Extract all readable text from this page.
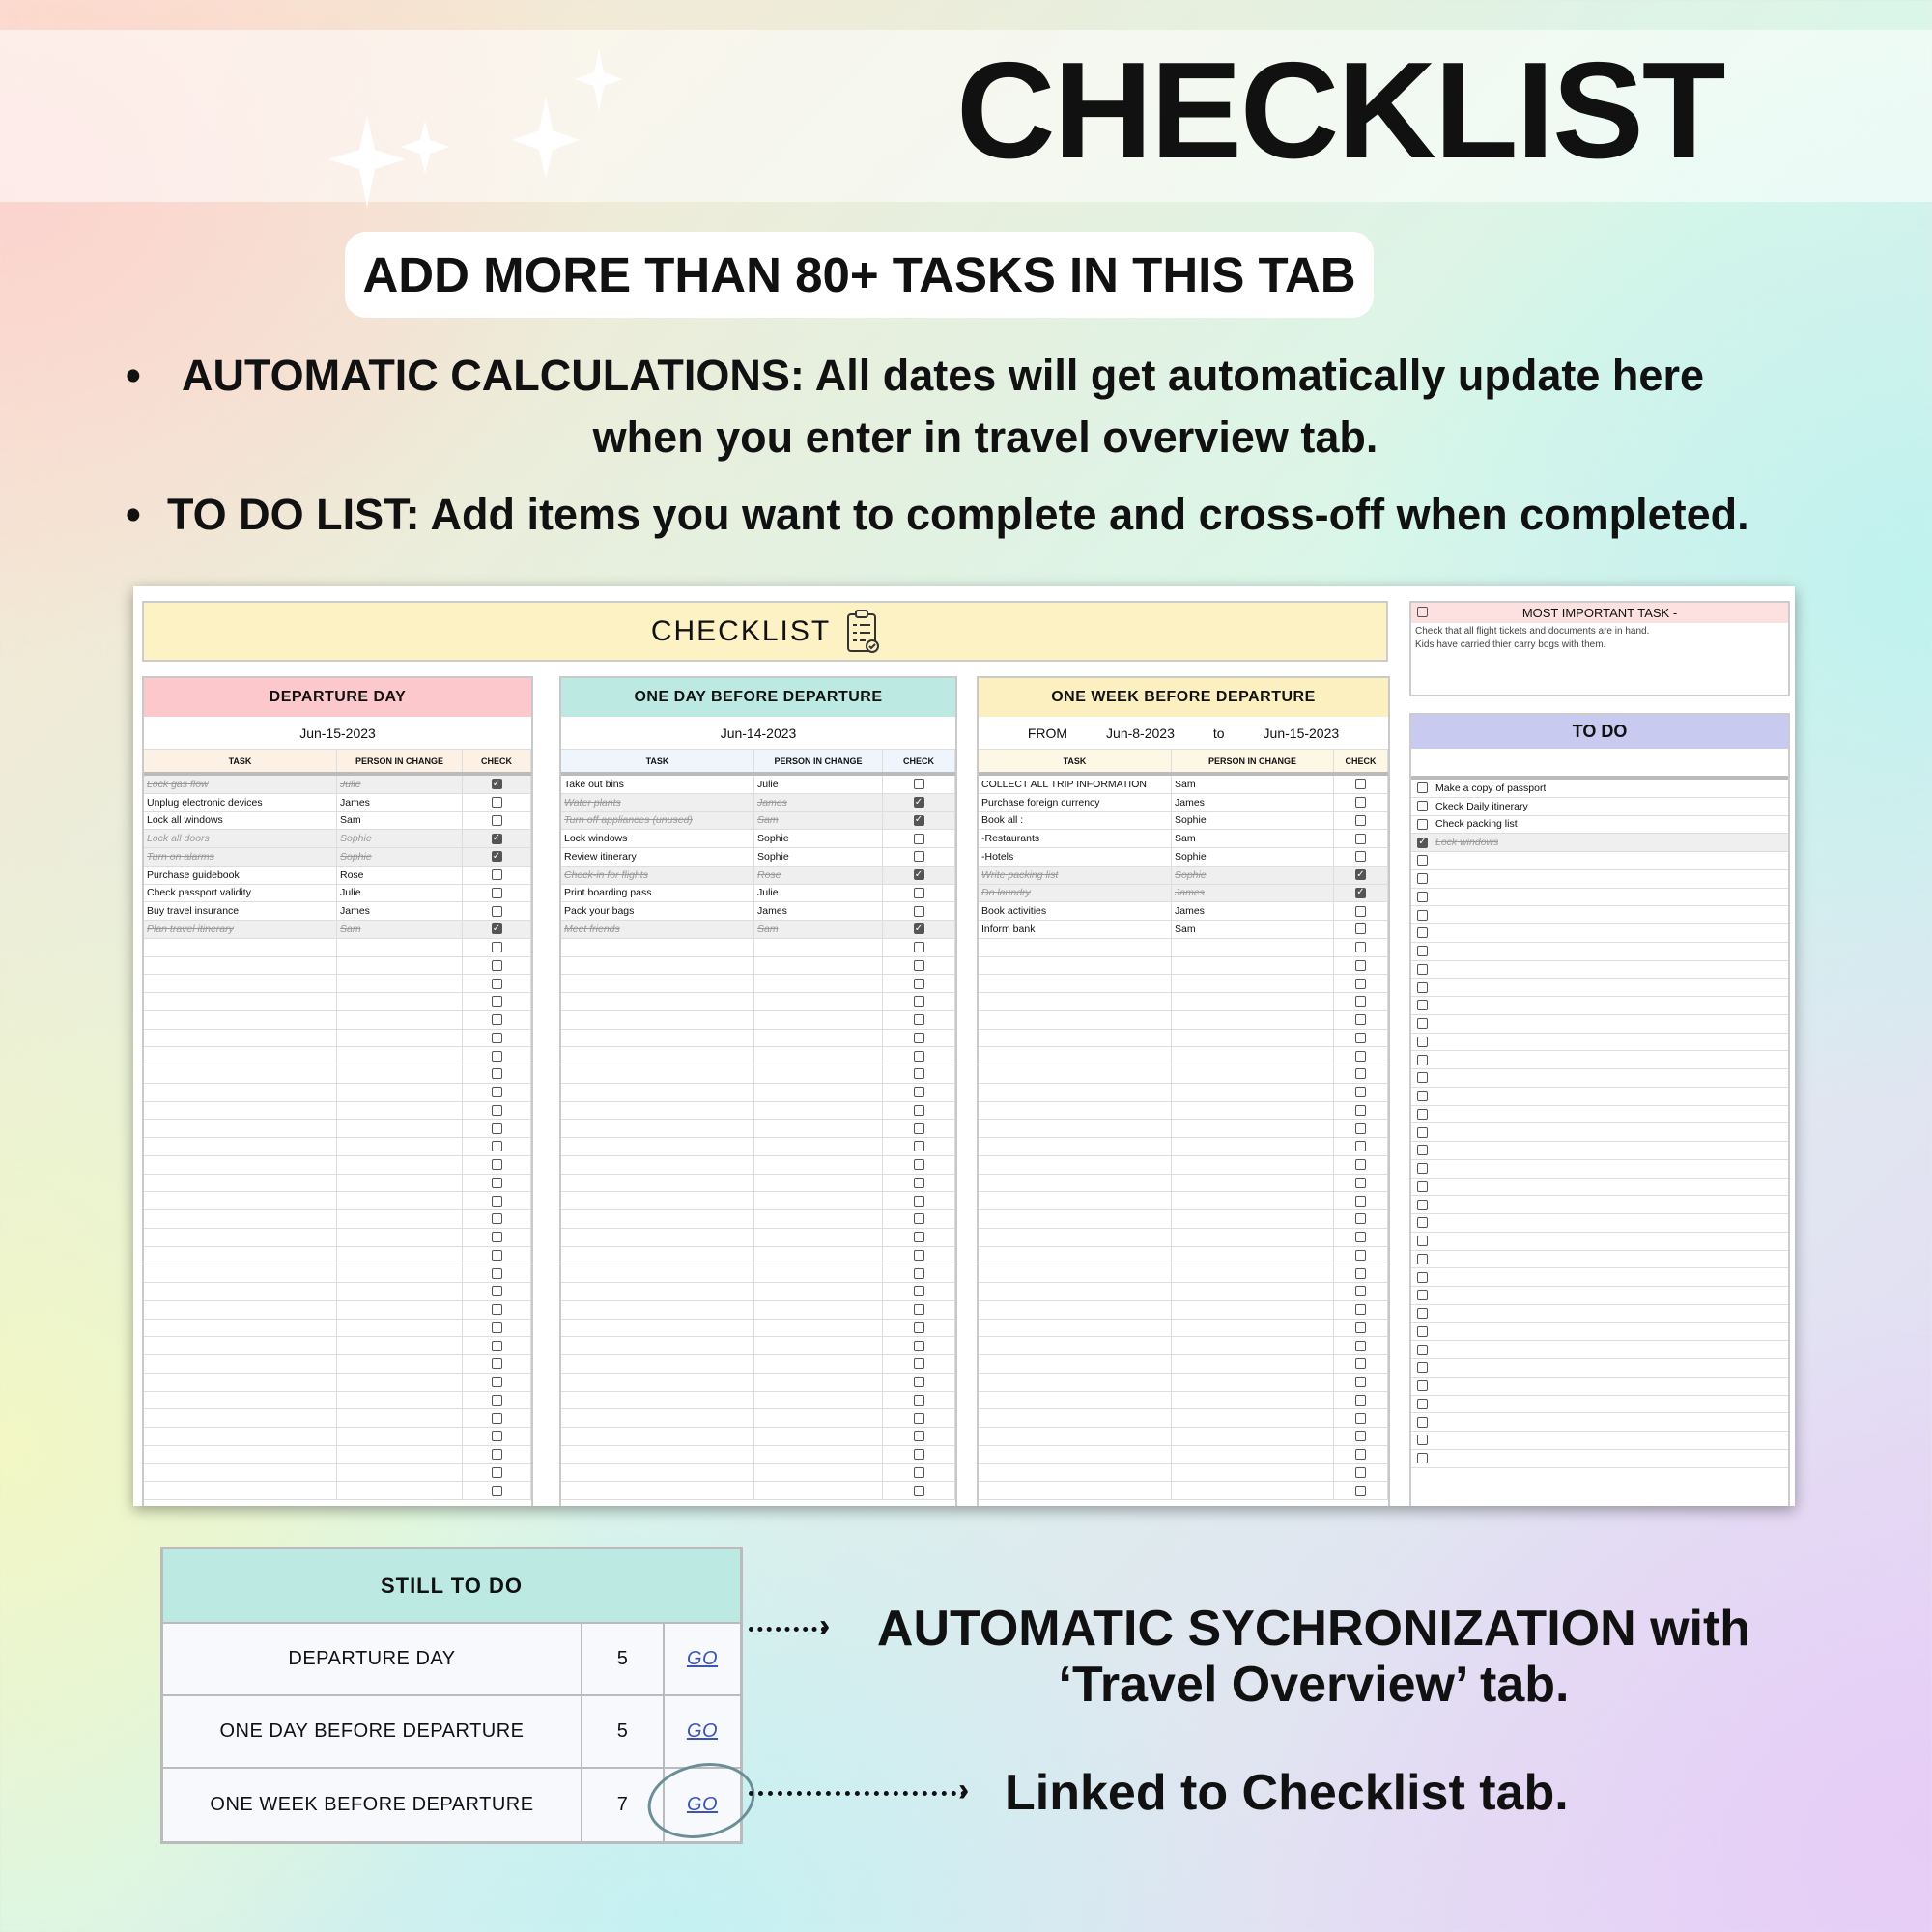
CHECKLIST
ADD MORE THAN 80+ TASKS IN THIS TAB
• AUTOMATIC CALCULATIONS: All dates will get automatically update here
when you enter in travel overview tab.
• TO DO LIST: Add items you want to complete and cross-off when completed.
CHECKLIST
DEPARTURE DAY
Jun-15-2023
TASK	PERSON IN CHANGE	CHECK
Lock gas flow	Julie	✓
Unplug electronic devices	James
Lock all windows	Sam
Lock all doors	Sophie	✓
Turn on alarms	Sophie	✓
Purchase guidebook	Rose
Check passport validity	Julie
Buy travel insurance	James
Plan travel itinerary	Sam	✓
ONE DAY BEFORE DEPARTURE
Jun-14-2023
TASK	PERSON IN CHANGE	CHECK
Take out bins	Julie
Water plants	James	✓
Turn off appliances (unused)	Sam	✓
Lock windows	Sophie
Review itinerary	Sophie
Check-in for flights	Rose	✓
Print boarding pass	Julie
Pack your bags	James
Meet friends	Sam	✓
ONE WEEK BEFORE DEPARTURE
FROM	Jun-8-2023	to	Jun-15-2023
TASK	PERSON IN CHANGE	CHECK
COLLECT ALL TRIP INFORMATION	Sam
Purchase foreign currency	James
Book all :	Sophie
-Restaurants	Sam
-Hotels	Sophie
Write packing list	Sophie	✓
Do laundry	James	✓
Book activities	James
Inform bank	Sam
MOST IMPORTANT TASK -

Check that all flight tickets and documents are in hand.

Kids have carried thier carry bogs with them.

TO DO
Make a copy of passport
Ckeck Daily itinerary
Check packing list
✓ Lock windows
STILL TO DO
DEPARTURE DAY	5	GO
ONE DAY BEFORE DEPARTURE	5	GO
ONE WEEK BEFORE DEPARTURE	7	GO
› AUTOMATIC SYCHRONIZATION with
‘Travel Overview’ tab.
› Linked to Checklist tab.
